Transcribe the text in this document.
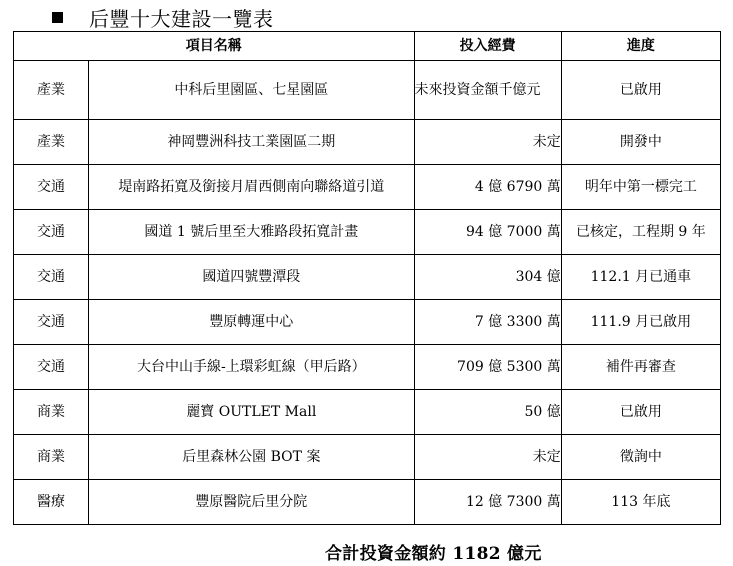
后豐十大建設一覽表
項目名稱		投入經費	進度
產業	中科后里園區、七星園區	未來投資金額千億元	已啟用
產業	神岡豐洲科技工業園區二期	未定	開發中
交通	堤南路拓寬及銜接月眉西側南向聯絡道引道	4 億 6790 萬	明年中第一標完工
交通	國道 1 號后里至大雅路段拓寬計畫	94 億 7000 萬	已核定，工程期 9 年
交通	國道四號豐潭段	304 億	112.1 月已通車
交通	豐原轉運中心	7 億 3300 萬	111.9 月已啟用
交通	大台中山手線-上環彩虹線（甲后路）	709 億 5300 萬	補件再審查
商業	麗寶 OUTLET Mall	50 億	已啟用
商業	后里森林公園 BOT 案	未定	徵詢中
醫療	豐原醫院后里分院	12 億 7300 萬	113 年底
合計投資金額約 1182 億元
